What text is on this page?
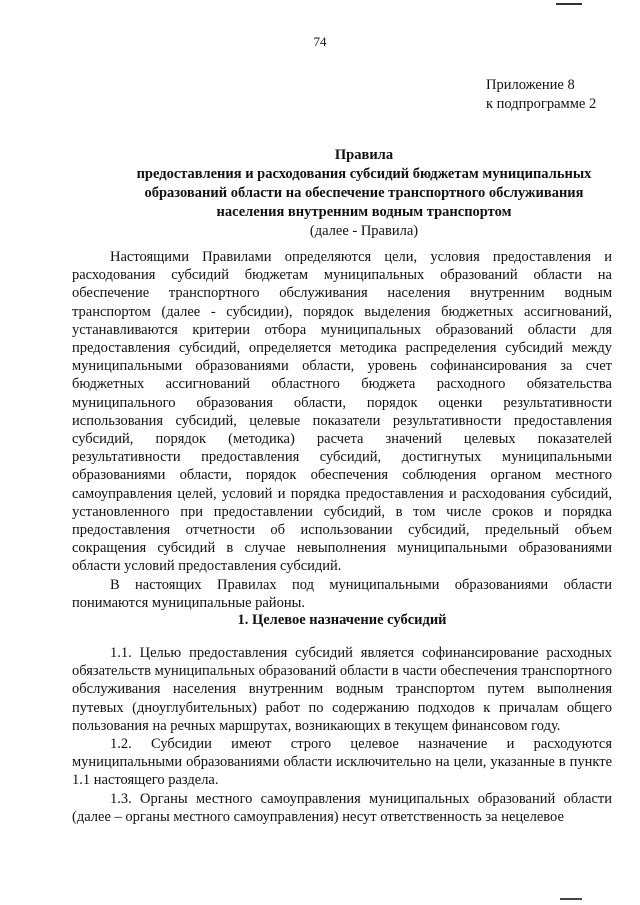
74
Приложение 8
к подпрограмме 2
Правила
предоставления и расходования субсидий бюджетам муниципальных
образований области на обеспечение транспортного обслуживания
населения внутренним водным транспортом
(далее - Правила)

Настоящими Правилами определяются цели, условия предоставления и расходования субсидий бюджетам муниципальных образований области на обеспечение транспортного обслуживания населения внутренним водным транспортом (далее - субсидии), порядок выделения бюджетных ассигнований, устанавливаются критерии отбора муниципальных образований области для предоставления субсидий, определяется методика распределения субсидий между муниципальными образованиями области, уровень софинансирования за счет бюджетных ассигнований областного бюджета расходного обязательства муниципального образования области, порядок оценки результативности использования субсидий, целевые показатели результативности предоставления субсидий, порядок (методика) расчета значений целевых показателей результативности предоставления субсидий, достигнутых муниципальными образованиями области, порядок обеспечения соблюдения органом местного самоуправления целей, условий и порядка предоставления и расходования субсидий, установленного при предоставлении субсидий, в том числе сроков и порядка предоставления отчетности об использовании субсидий, предельный объем сокращения субсидий в случае невыполнения муниципальными образованиями области условий предоставления субсидий.

В настоящих Правилах под муниципальными образованиями области понимаются муниципальные районы.

1. Целевое назначение субсидий

1.1. Целью предоставления субсидий является софинансирование расходных обязательств муниципальных образований области в части обеспечения транспортного обслуживания населения внутренним водным транспортом путем выполнения путевых (дноуглубительных) работ по содержанию подходов к причалам общего пользования на речных маршрутах, возникающих в текущем финансовом году.

1.2. Субсидии имеют строго целевое назначение и расходуются муниципальными образованиями области исключительно на цели, указанные в пункте 1.1 настоящего раздела.

1.3. Органы местного самоуправления муниципальных образований области (далее – органы местного самоуправления) несут ответственность за нецелевое
